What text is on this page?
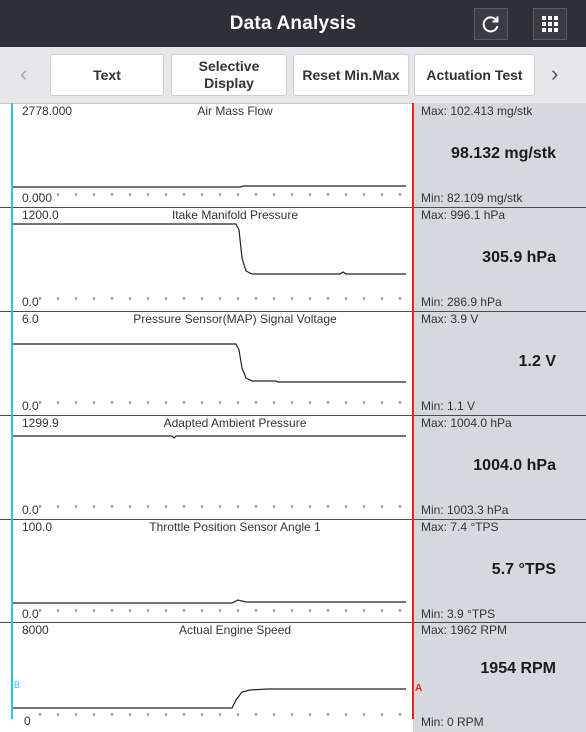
Data Analysis
‹	Text
Selective Display
Reset Min.Max	Actuation Test	›
2778.000	Air Mass Flow
0.000
Max: 102.413 mg/stk
98.132 mg/stk
Min: 82.109 mg/stk
1200.0	Itake Manifold Pressure
0.0
Max: 996.1 hPa
305.9 hPa
Min: 286.9 hPa
6.0	Pressure Sensor(MAP) Signal Voltage
0.0
Max: 3.9 V
1.2 V
Min: 1.1 V
1299.9	Adapted Ambient Pressure
0.0
Max: 1004.0 hPa
1004.0 hPa
Min: 1003.3 hPa
100.0	Throttle Position Sensor Angle 1
0.0
Max: 7.4 °TPS
5.7 °TPS
Min: 3.9 °TPS
8000	Actual Engine Speed
0
Max: 1962 RPM
1954 RPM
Min: 0 RPM
B	A
